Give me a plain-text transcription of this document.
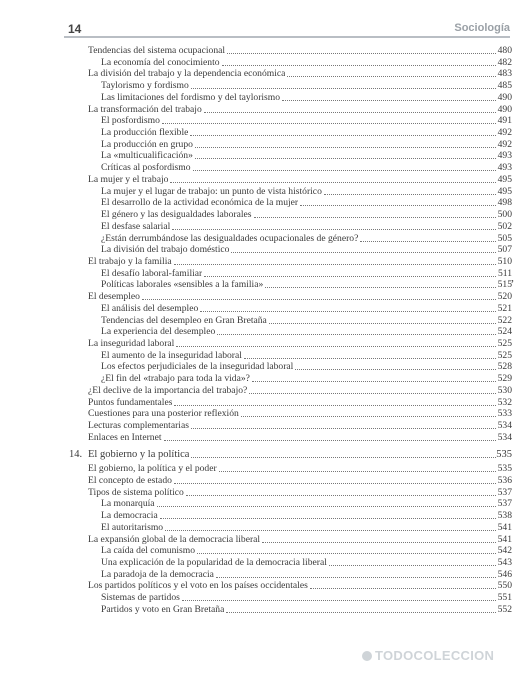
14	Sociología
Tendencias del sistema ocupacional	480
La economía del conocimiento	482
La división del trabajo y la dependencia económica	483
Taylorismo y fordismo	485
Las limitaciones del fordismo y del taylorismo	490
La transformación del trabajo	490
El posfordismo	491
La producción flexible	492
La producción en grupo	492
La «multicualificación»	493
Críticas al posfordismo	493
La mujer y el trabajo	495
La mujer y el lugar de trabajo: un punto de vista histórico	495
El desarrollo de la actividad económica de la mujer	498
El género y las desigualdades laborales	500
El desfase salarial	502
¿Están derrumbándose las desigualdades ocupacionales de género?	505
La división del trabajo doméstico	507
El trabajo y la familia	510
El desafío laboral-familiar	511
Políticas laborales «sensibles a la familia»	515
El desempleo	520
El análisis del desempleo	521
Tendencias del desempleo en Gran Bretaña	522
La experiencia del desempleo	524
La inseguridad laboral	525
El aumento de la inseguridad laboral	525
Los efectos perjudiciales de la inseguridad laboral	528
¿El fin del «trabajo para toda la vida»?	529
¿El declive de la importancia del trabajo?	530
Puntos fundamentales	532
Cuestiones para una posterior reflexión	533
Lecturas complementarias	534
Enlaces en Internet	534
14. El gobierno y la política	535
El gobierno, la política y el poder	535
El concepto de estado	536
Tipos de sistema político	537
La monarquía	537
La democracia	538
El autoritarismo	541
La expansión global de la democracia liberal	541
La caída del comunismo	542
Una explicación de la popularidad de la democracia liberal	543
La paradoja de la democracia	546
Los partidos políticos y el voto en los países occidentales	550
Sistemas de partidos	551
Partidos y voto en Gran Bretaña	552
,
TODOCOLECCION
